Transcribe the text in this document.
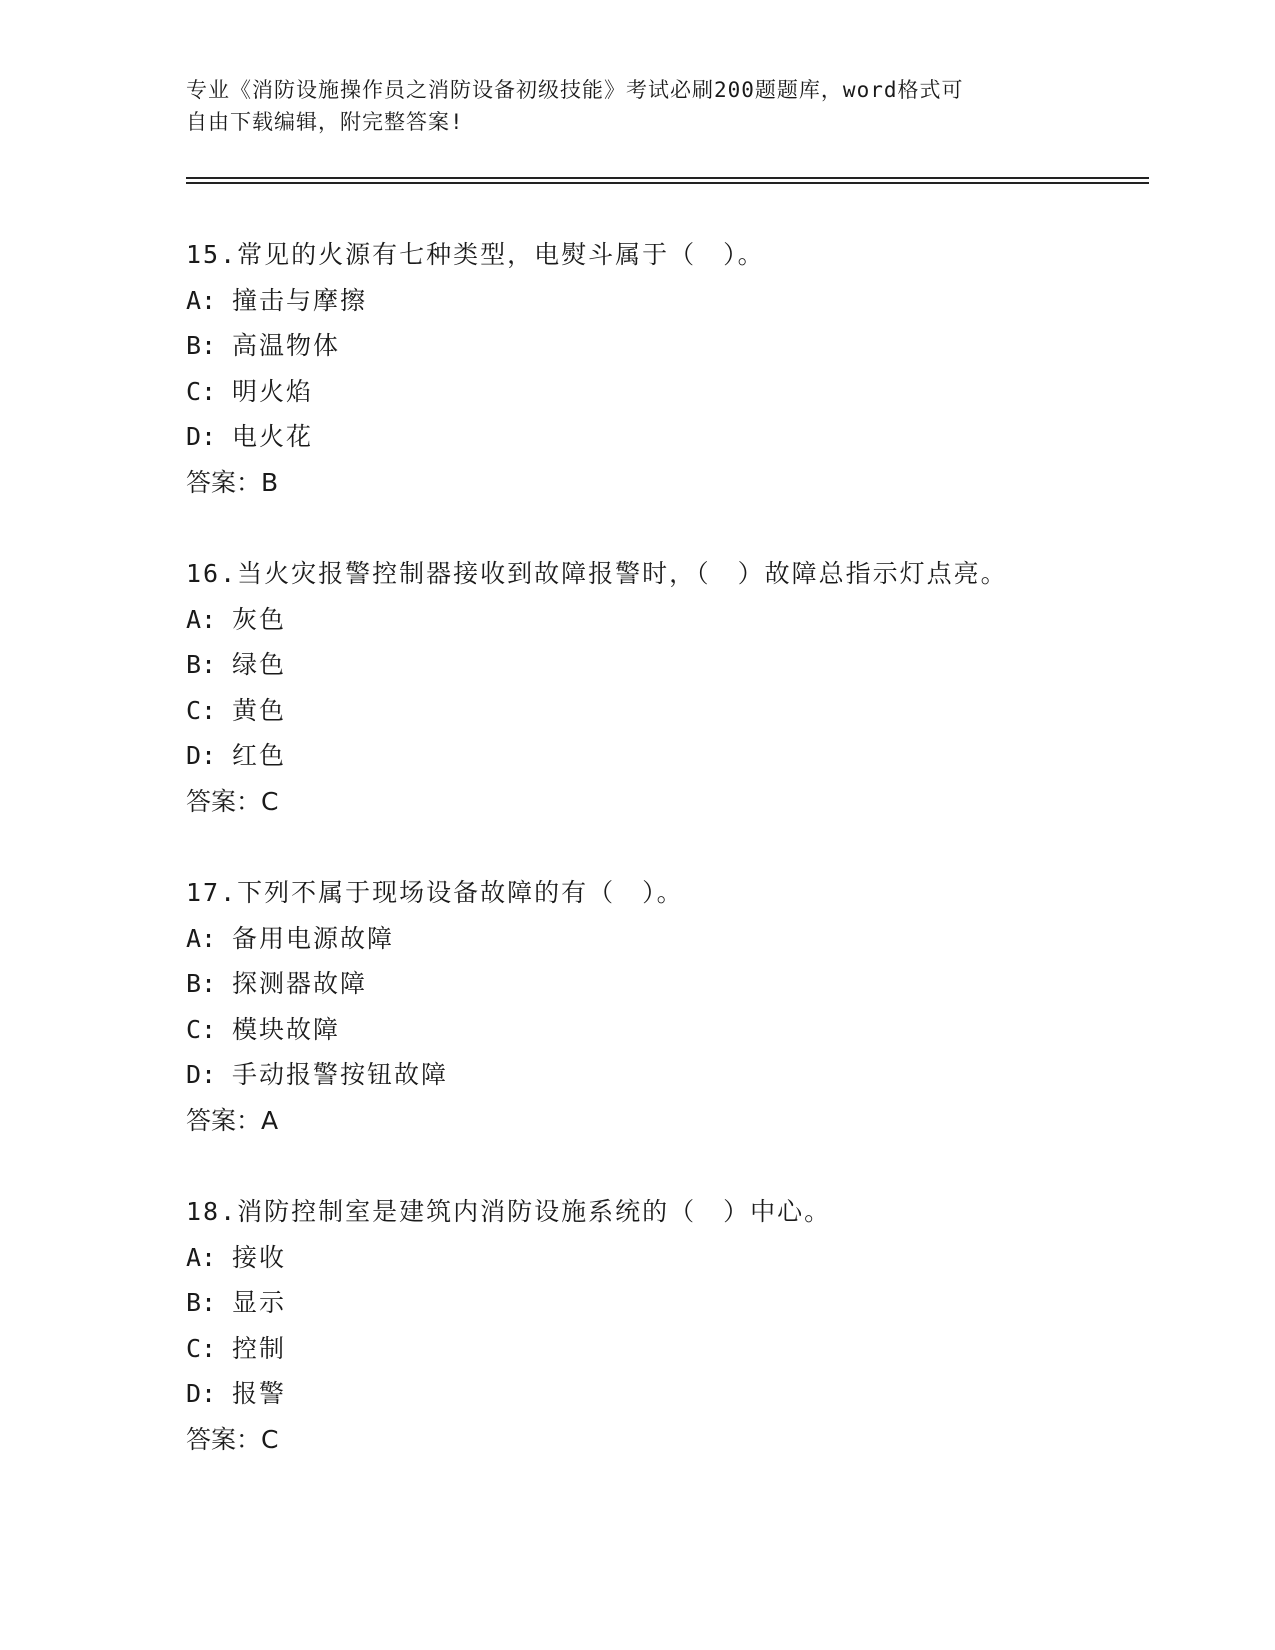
专业《消防设施操作员之消防设备初级技能》考试必刷200题题库，word格式可
自由下载编辑，附完整答案!
15.常见的火源有七种类型，电熨斗属于（　）。
A: 撞击与摩擦
B: 高温物体
C: 明火焰
D: 电火花
答案：B
16.当火灾报警控制器接收到故障报警时，（　）故障总指示灯点亮。
A: 灰色
B: 绿色
C: 黄色
D: 红色
答案：C
17.下列不属于现场设备故障的有（　）。
A: 备用电源故障
B: 探测器故障
C: 模块故障
D: 手动报警按钮故障
答案：A
18.消防控制室是建筑内消防设施系统的（　）中心。
A: 接收
B: 显示
C: 控制
D: 报警
答案：C
